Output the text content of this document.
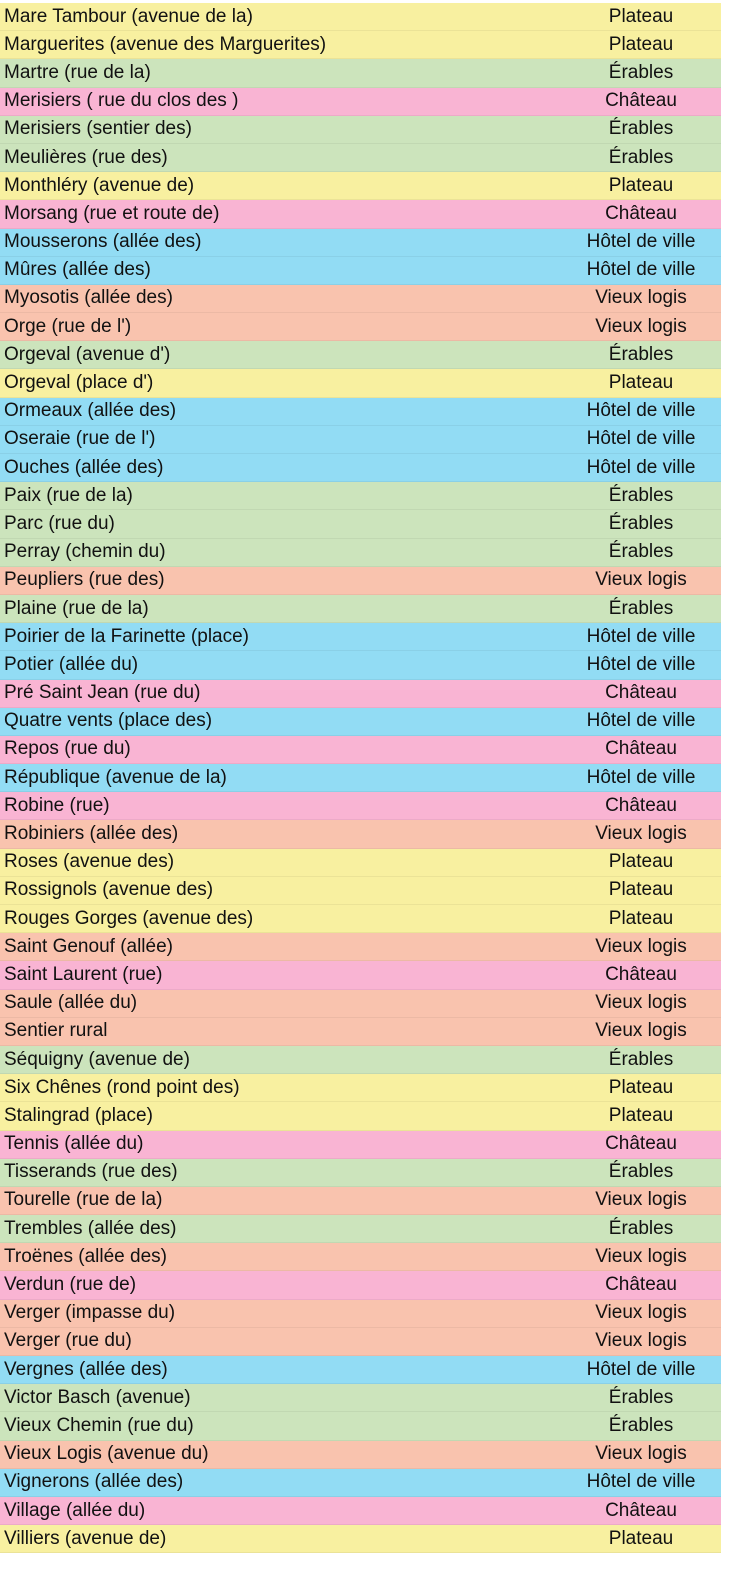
Mare Tambour (avenue de la)	Plateau
Marguerites (avenue des Marguerites)	Plateau
Martre (rue de la)	Érables
Merisiers ( rue du clos des )	Château
Merisiers (sentier des)	Érables
Meulières (rue des)	Érables
Monthléry (avenue de)	Plateau
Morsang (rue et route de)	Château
Mousserons (allée des)	Hôtel de ville
Mûres (allée des)	Hôtel de ville
Myosotis (allée des)	Vieux logis
Orge (rue de l')	Vieux logis
Orgeval (avenue d')	Érables
Orgeval (place d')	Plateau
Ormeaux (allée des)	Hôtel de ville
Oseraie (rue de l')	Hôtel de ville
Ouches (allée des)	Hôtel de ville
Paix (rue de la)	Érables
Parc (rue du)	Érables
Perray (chemin du)	Érables
Peupliers (rue des)	Vieux logis
Plaine (rue de la)	Érables
Poirier de la Farinette (place)	Hôtel de ville
Potier (allée du)	Hôtel de ville
Pré Saint Jean (rue du)	Château
Quatre vents (place des)	Hôtel de ville
Repos (rue du)	Château
République (avenue de la)	Hôtel de ville
Robine (rue)	Château
Robiniers (allée des)	Vieux logis
Roses (avenue des)	Plateau
Rossignols (avenue des)	Plateau
Rouges Gorges (avenue des)	Plateau
Saint Genouf (allée)	Vieux logis
Saint Laurent (rue)	Château
Saule (allée du)	Vieux logis
Sentier rural	Vieux logis
Séquigny (avenue de)	Érables
Six Chênes (rond point des)	Plateau
Stalingrad (place)	Plateau
Tennis (allée du)	Château
Tisserands (rue des)	Érables
Tourelle (rue de la)	Vieux logis
Trembles (allée des)	Érables
Troënes (allée des)	Vieux logis
Verdun (rue de)	Château
Verger (impasse du)	Vieux logis
Verger (rue du)	Vieux logis
Vergnes (allée des)	Hôtel de ville
Victor Basch (avenue)	Érables
Vieux Chemin (rue du)	Érables
Vieux Logis (avenue du)	Vieux logis
Vignerons (allée des)	Hôtel de ville
Village (allée du)	Château
Villiers (avenue de)	Plateau
